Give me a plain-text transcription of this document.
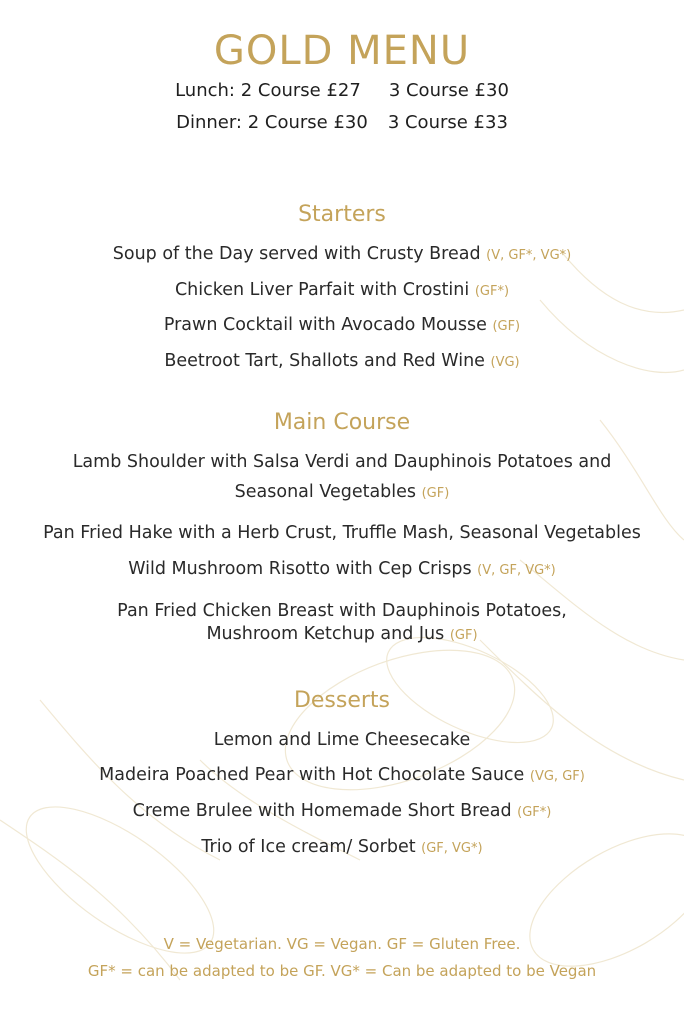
GOLD MENU
Lunch: 2 Course £27 3 Course £30
Dinner: 2 Course £30 3 Course £33
Starters
Soup of the Day served with Crusty Bread (V, GF*, VG*)
Chicken Liver Parfait with Crostini (GF*)
Prawn Cocktail with Avocado Mousse (GF)
Beetroot Tart, Shallots and Red Wine (VG)
Main Course
Lamb Shoulder with Salsa Verdi and Dauphinois Potatoes and
Seasonal Vegetables (GF)
Pan Fried Hake with a Herb Crust, Truffle Mash, Seasonal Vegetables
Wild Mushroom Risotto with Cep Crisps (V, GF, VG*)
Pan Fried Chicken Breast with Dauphinois Potatoes,
Mushroom Ketchup and Jus (GF)
Desserts
Lemon and Lime Cheesecake
Madeira Poached Pear with Hot Chocolate Sauce (VG, GF)
Creme Brulee with Homemade Short Bread (GF*)
Trio of Ice cream/ Sorbet (GF, VG*)
V = Vegetarian. VG = Vegan. GF = Gluten Free.
GF* = can be adapted to be GF. VG* = Can be adapted to be Vegan
